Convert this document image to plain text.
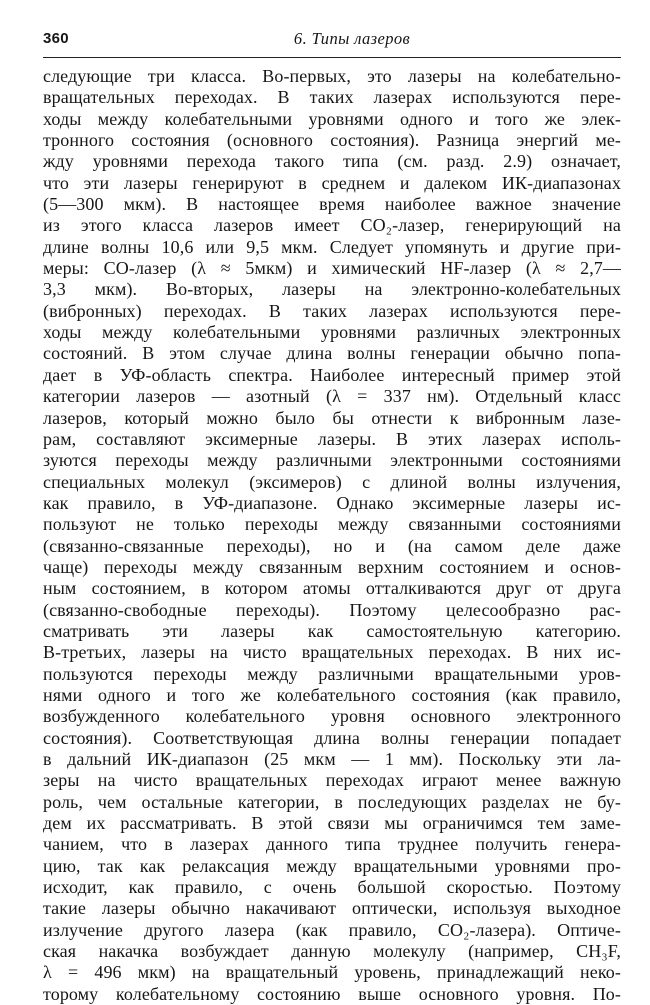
360	6. Типы лазеров
следующие три класса. Во-первых, это лазеры на колебательно-
вращательных переходах. В таких лазерах используются пере-
ходы между колебательными уровнями одного и того же элек-
тронного состояния (основного состояния). Разница энергий ме-
жду уровнями перехода такого типа (см. разд. 2.9) означает,
что эти лазеры генерируют в среднем и далеком ИК-диапазонах
(5—300 мкм). В настоящее время наиболее важное значение
из этого класса лазеров имеет CO₂-лазер, генерирующий на
длине волны 10,6 или 9,5 мкм. Следует упомянуть и другие при-
меры: CO-лазер (λ ≈ 5мкм) и химический HF-лазер (λ ≈ 2,7—
3,3 мкм). Во-вторых, лазеры на электронно-колебательных
(вибронных) переходах. В таких лазерах используются пере-
ходы между колебательными уровнями различных электронных
состояний. В этом случае длина волны генерации обычно попа-
дает в УФ-область спектра. Наиболее интересный пример этой
категории лазеров — азотный (λ = 337 нм). Отдельный класс
лазеров, который можно было бы отнести к вибронным лазе-
рам, составляют эксимерные лазеры. В этих лазерах исполь-
зуются переходы между различными электронными состояниями
специальных молекул (эксимеров) с длиной волны излучения,
как правило, в УФ-диапазоне. Однако эксимерные лазеры ис-
пользуют не только переходы между связанными состояниями
(связанно-связанные переходы), но и (на самом деле даже
чаще) переходы между связанным верхним состоянием и основ-
ным состоянием, в котором атомы отталкиваются друг от друга
(связанно-свободные переходы). Поэтому целесообразно рас-
сматривать эти лазеры как самостоятельную категорию.
В-третьих, лазеры на чисто вращательных переходах. В них ис-
пользуются переходы между различными вращательными уров-
нями одного и того же колебательного состояния (как правило,
возбужденного колебательного уровня основного электронного
состояния). Соответствующая длина волны генерации попадает
в дальний ИК-диапазон (25 мкм — 1 мм). Поскольку эти ла-
зеры на чисто вращательных переходах играют менее важную
роль, чем остальные категории, в последующих разделах не бу-
дем их рассматривать. В этой связи мы ограничимся тем заме-
чанием, что в лазерах данного типа труднее получить генера-
цию, так как релаксация между вращательными уровнями про-
исходит, как правило, с очень большой скоростью. Поэтому
такие лазеры обычно накачивают оптически, используя выходное
излучение другого лазера (как правило, CO₂-лазера). Оптиче-
ская накачка возбуждает данную молекулу (например, CH₃F,
λ = 496 мкм) на вращательный уровень, принадлежащий неко-
торому колебательному состоянию выше основного уровня. По-
